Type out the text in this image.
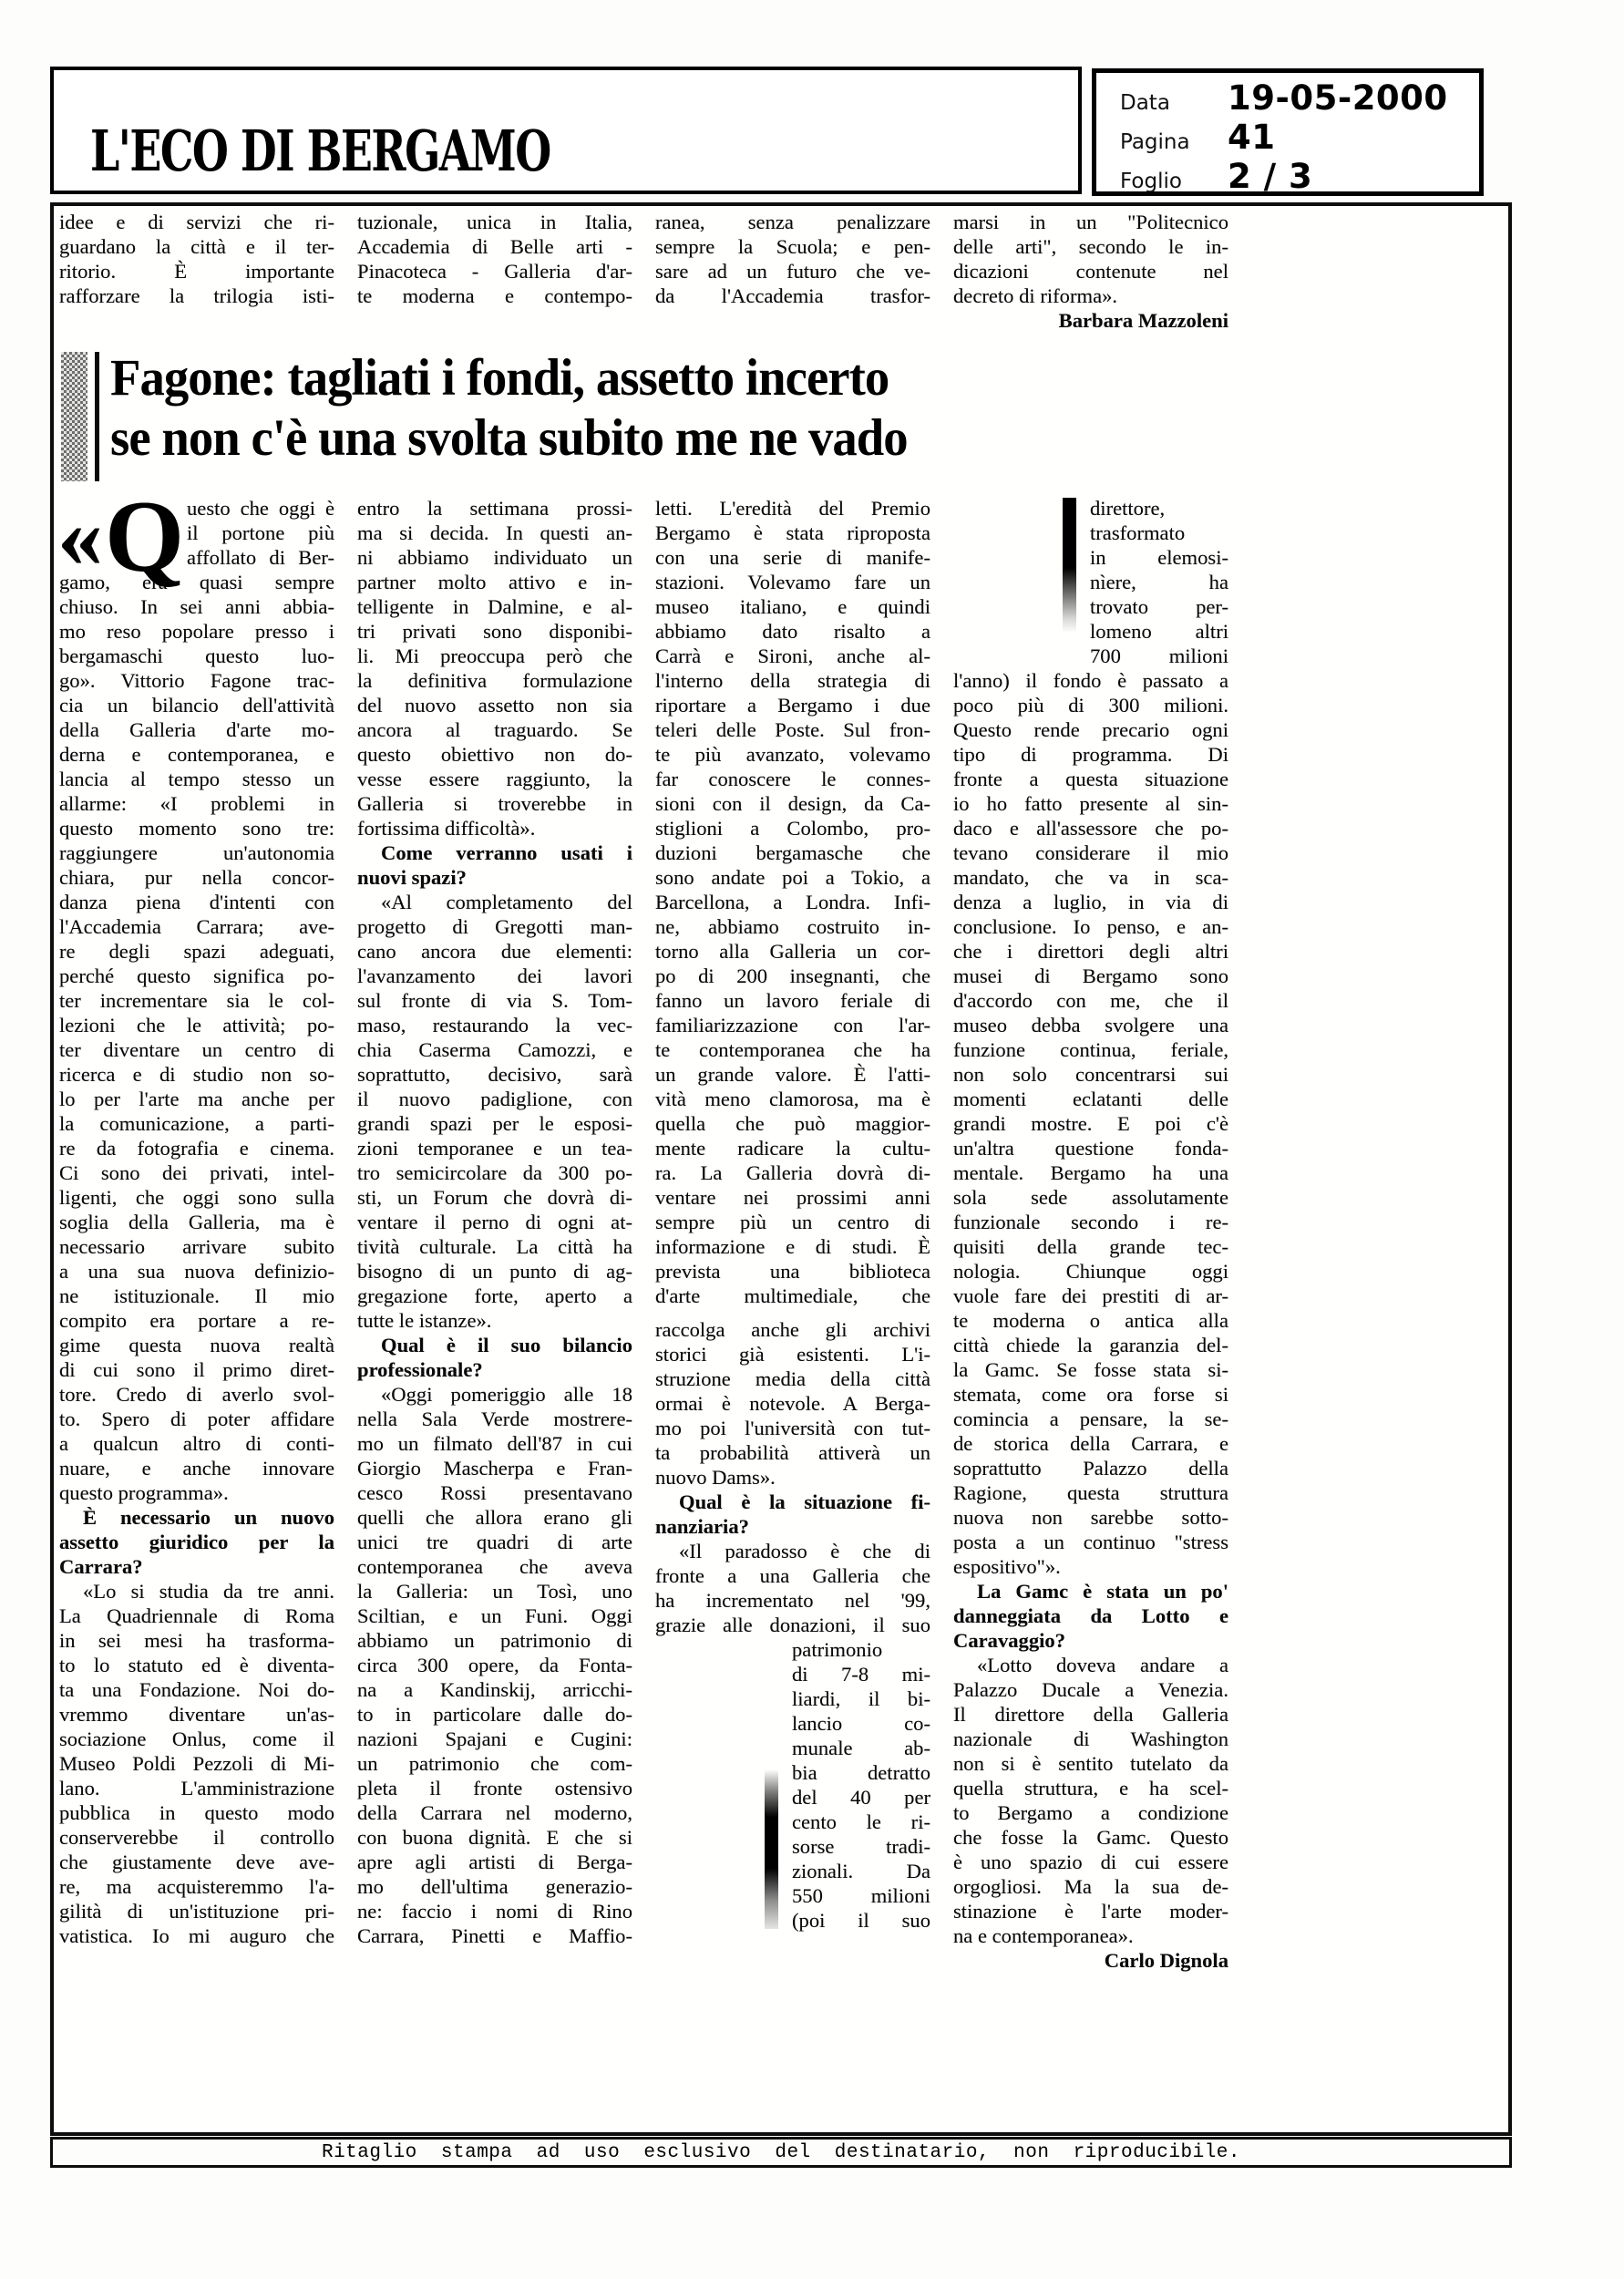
L'ECO DI BERGAMO
Data	19-05-2000
Pagina	41
Foglio	2 / 3
idee e di servizi che ri-
guardano la città e il ter-
ritorio. È importante
rafforzare la trilogia isti-
tuzionale, unica in Italia,
Accademia di Belle arti -
Pinacoteca - Galleria d'ar-
te moderna e contempo-
ranea, senza penalizzare
sempre la Scuola; e pen-
sare ad un futuro che ve-
da l'Accademia trasfor-
marsi in un "Politecnico
delle arti", secondo le in-
dicazioni contenute nel
decreto di riforma».
Barbara Mazzoleni
Fagone: tagliati i fondi, assetto incerto
se non c'è una svolta subito me ne vado
« Q uesto che oggi è
il portone più
affollato di Ber-
gamo, era quasi sempre
chiuso. In sei anni abbia-
mo reso popolare presso i
bergamaschi questo luo-
go». Vittorio Fagone trac-
cia un bilancio dell'attività
della Galleria d'arte mo-
derna e contemporanea, e
lancia al tempo stesso un
allarme: «I problemi in
questo momento sono tre:
raggiungere un'autonomia
chiara, pur nella concor-
danza piena d'intenti con
l'Accademia Carrara; ave-
re degli spazi adeguati,
perché questo significa po-
ter incrementare sia le col-
lezioni che le attività; po-
ter diventare un centro di
ricerca e di studio non so-
lo per l'arte ma anche per
la comunicazione, a parti-
re da fotografia e cinema.
Ci sono dei privati, intel-
ligenti, che oggi sono sulla
soglia della Galleria, ma è
necessario arrivare subito
a una sua nuova definizio-
ne istituzionale. Il mio
compito era portare a re-
gime questa nuova realtà
di cui sono il primo diret-
tore. Credo di averlo svol-
to. Spero di poter affidare
a qualcun altro di conti-
nuare, e anche innovare
questo programma».
È necessario un nuovo
assetto giuridico per la
Carrara?
«Lo si studia da tre anni.
La Quadriennale di Roma
in sei mesi ha trasforma-
to lo statuto ed è diventa-
ta una Fondazione. Noi do-
vremmo diventare un'as-
sociazione Onlus, come il
Museo Poldi Pezzoli di Mi-
lano. L'amministrazione
pubblica in questo modo
conserverebbe il controllo
che giustamente deve ave-
re, ma acquisteremmo l'a-
gilità di un'istituzione pri-
vatistica. Io mi auguro che
entro la settimana prossi-
ma si decida. In questi an-
ni abbiamo individuato un
partner molto attivo e in-
telligente in Dalmine, e al-
tri privati sono disponibi-
li. Mi preoccupa però che
la definitiva formulazione
del nuovo assetto non sia
ancora al traguardo. Se
questo obiettivo non do-
vesse essere raggiunto, la
Galleria si troverebbe in
fortissima difficoltà».
Come verranno usati i
nuovi spazi?
«Al completamento del
progetto di Gregotti man-
cano ancora due elementi:
l'avanzamento dei lavori
sul fronte di via S. Tom-
maso, restaurando la vec-
chia Caserma Camozzi, e
soprattutto, decisivo, sarà
il nuovo padiglione, con
grandi spazi per le esposi-
zioni temporanee e un tea-
tro semicircolare da 300 po-
sti, un Forum che dovrà di-
ventare il perno di ogni at-
tività culturale. La città ha
bisogno di un punto di ag-
gregazione forte, aperto a
tutte le istanze».
Qual è il suo bilancio
professionale?
«Oggi pomeriggio alle 18
nella Sala Verde mostrere-
mo un filmato dell'87 in cui
Giorgio Mascherpa e Fran-
cesco Rossi presentavano
quelli che allora erano gli
unici tre quadri di arte
contemporanea che aveva
la Galleria: un Tosì, uno
Sciltian, e un Funi. Oggi
abbiamo un patrimonio di
circa 300 opere, da Fonta-
na a Kandinskij, arricchi-
to in particolare dalle do-
nazioni Spajani e Cugini:
un patrimonio che com-
pleta il fronte ostensivo
della Carrara nel moderno,
con buona dignità. E che si
apre agli artisti di Berga-
mo dell'ultima generazio-
ne: faccio i nomi di Rino
Carrara, Pinetti e Maffio-
letti. L'eredità del Premio
Bergamo è stata riproposta
con una serie di manife-
stazioni. Volevamo fare un
museo italiano, e quindi
abbiamo dato risalto a
Carrà e Sironi, anche al-
l'interno della strategia di
riportare a Bergamo i due
teleri delle Poste. Sul fron-
te più avanzato, volevamo
far conoscere le connes-
sioni con il design, da Ca-
stiglioni a Colombo, pro-
duzioni bergamasche che
sono andate poi a Tokio, a
Barcellona, a Londra. Infi-
ne, abbiamo costruito in-
torno alla Galleria un cor-
po di 200 insegnanti, che
fanno un lavoro feriale di
familiarizzazione con l'ar-
te contemporanea che ha
un grande valore. È l'atti-
vità meno clamorosa, ma è
quella che può maggior-
mente radicare la cultu-
ra. La Galleria dovrà di-
ventare nei prossimi anni
sempre più un centro di
informazione e di studi. È
prevista una biblioteca
d'arte multimediale, che
raccolga anche gli archivi
storici già esistenti. L'i-
struzione media della città
ormai è notevole. A Berga-
mo poi l'università con tut-
ta probabilità attiverà un
nuovo Dams».
Qual è la situazione fi-
nanziaria?
«Il paradosso è che di
fronte a una Galleria che
ha incrementato nel '99,
grazie alle donazioni, il suo
patrimonio
di 7-8 mi-
liardi, il bi-
lancio co-
munale ab-
bia detratto
del 40 per
cento le ri-
sorse tradi-
zionali. Da
550 milioni
(poi il suo
direttore,
trasformato
in elemosi-
nìere, ha
trovato per-
lomeno altri
700 milioni
l'anno) il fondo è passato a
poco più di 300 milioni.
Questo rende precario ogni
tipo di programma. Di
fronte a questa situazione
io ho fatto presente al sin-
daco e all'assessore che po-
tevano considerare il mio
mandato, che va in sca-
denza a luglio, in via di
conclusione. Io penso, e an-
che i direttori degli altri
musei di Bergamo sono
d'accordo con me, che il
museo debba svolgere una
funzione continua, feriale,
non solo concentrarsi sui
momenti eclatanti delle
grandi mostre. E poi c'è
un'altra questione fonda-
mentale. Bergamo ha una
sola sede assolutamente
funzionale secondo i re-
quisiti della grande tec-
nologia. Chiunque oggi
vuole fare dei prestiti di ar-
te moderna o antica alla
città chiede la garanzia del-
la Gamc. Se fosse stata si-
stemata, come ora forse si
comincia a pensare, la se-
de storica della Carrara, e
soprattutto Palazzo della
Ragione, questa struttura
nuova non sarebbe sotto-
posta a un continuo "stress
espositivo"».
La Gamc è stata un po'
danneggiata da Lotto e
Caravaggio?
«Lotto doveva andare a
Palazzo Ducale a Venezia.
Il direttore della Galleria
nazionale di Washington
non si è sentito tutelato da
quella struttura, e ha scel-
to Bergamo a condizione
che fosse la Gamc. Questo
è uno spazio di cui essere
orgogliosi. Ma la sua de-
stinazione è l'arte moder-
na e contemporanea».
Carlo Dignola
Ritaglio stampa ad uso esclusivo del destinatario, non riproducibile.
